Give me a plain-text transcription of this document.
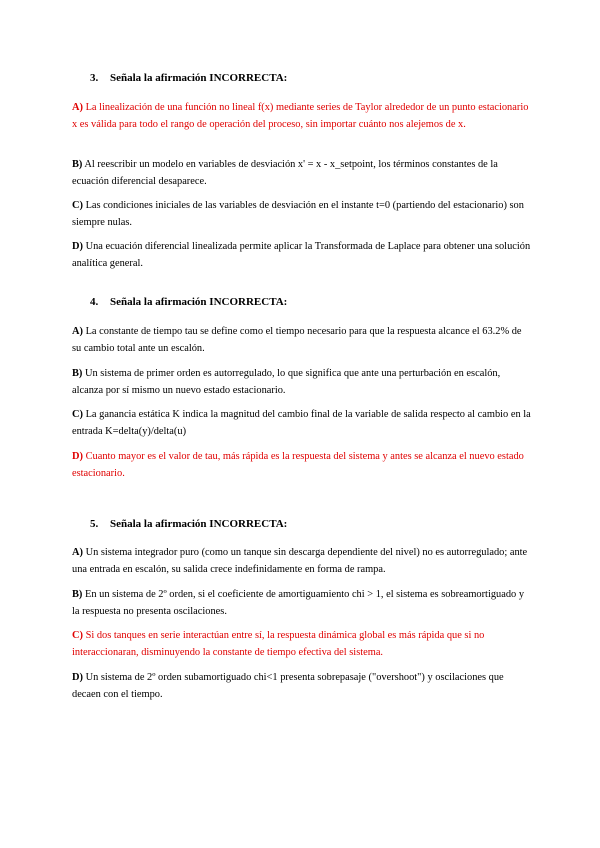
3. Señala la afirmación INCORRECTA:
A) La linealización de una función no lineal f(x) mediante series de Taylor alrededor de un punto estacionario x es válida para todo el rango de operación del proceso, sin importar cuánto nos alejemos de x.
B) Al reescribir un modelo en variables de desviación x' = x - x_setpoint, los términos constantes de la ecuación diferencial desaparece.
C) Las condiciones iniciales de las variables de desviación en el instante t=0 (partiendo del estacionario) son siempre nulas.
D) Una ecuación diferencial linealizada permite aplicar la Transformada de Laplace para obtener una solución analítica general.
4. Señala la afirmación INCORRECTA:
A) La constante de tiempo tau se define como el tiempo necesario para que la respuesta alcance el 63.2% de su cambio total ante un escalón.
B) Un sistema de primer orden es autorregulado, lo que significa que ante una perturbación en escalón, alcanza por sí mismo un nuevo estado estacionario.
C) La ganancia estática K indica la magnitud del cambio final de la variable de salida respecto al cambio en la entrada K=delta(y)/delta(u)
D) Cuanto mayor es el valor de tau, más rápida es la respuesta del sistema y antes se alcanza el nuevo estado estacionario.
5. Señala la afirmación INCORRECTA:
A) Un sistema integrador puro (como un tanque sin descarga dependiente del nivel) no es autorregulado; ante una entrada en escalón, su salida crece indefinidamente en forma de rampa.
B) En un sistema de 2º orden, si el coeficiente de amortiguamiento chi > 1, el sistema es sobreamortiguado y la respuesta no presenta oscilaciones.
C) Si dos tanques en serie interactúan entre sí, la respuesta dinámica global es más rápida que si no interaccionaran, disminuyendo la constante de tiempo efectiva del sistema.
D) Un sistema de 2º orden subamortiguado chi<1 presenta sobrepasaje ("overshoot") y oscilaciones que decaen con el tiempo.
